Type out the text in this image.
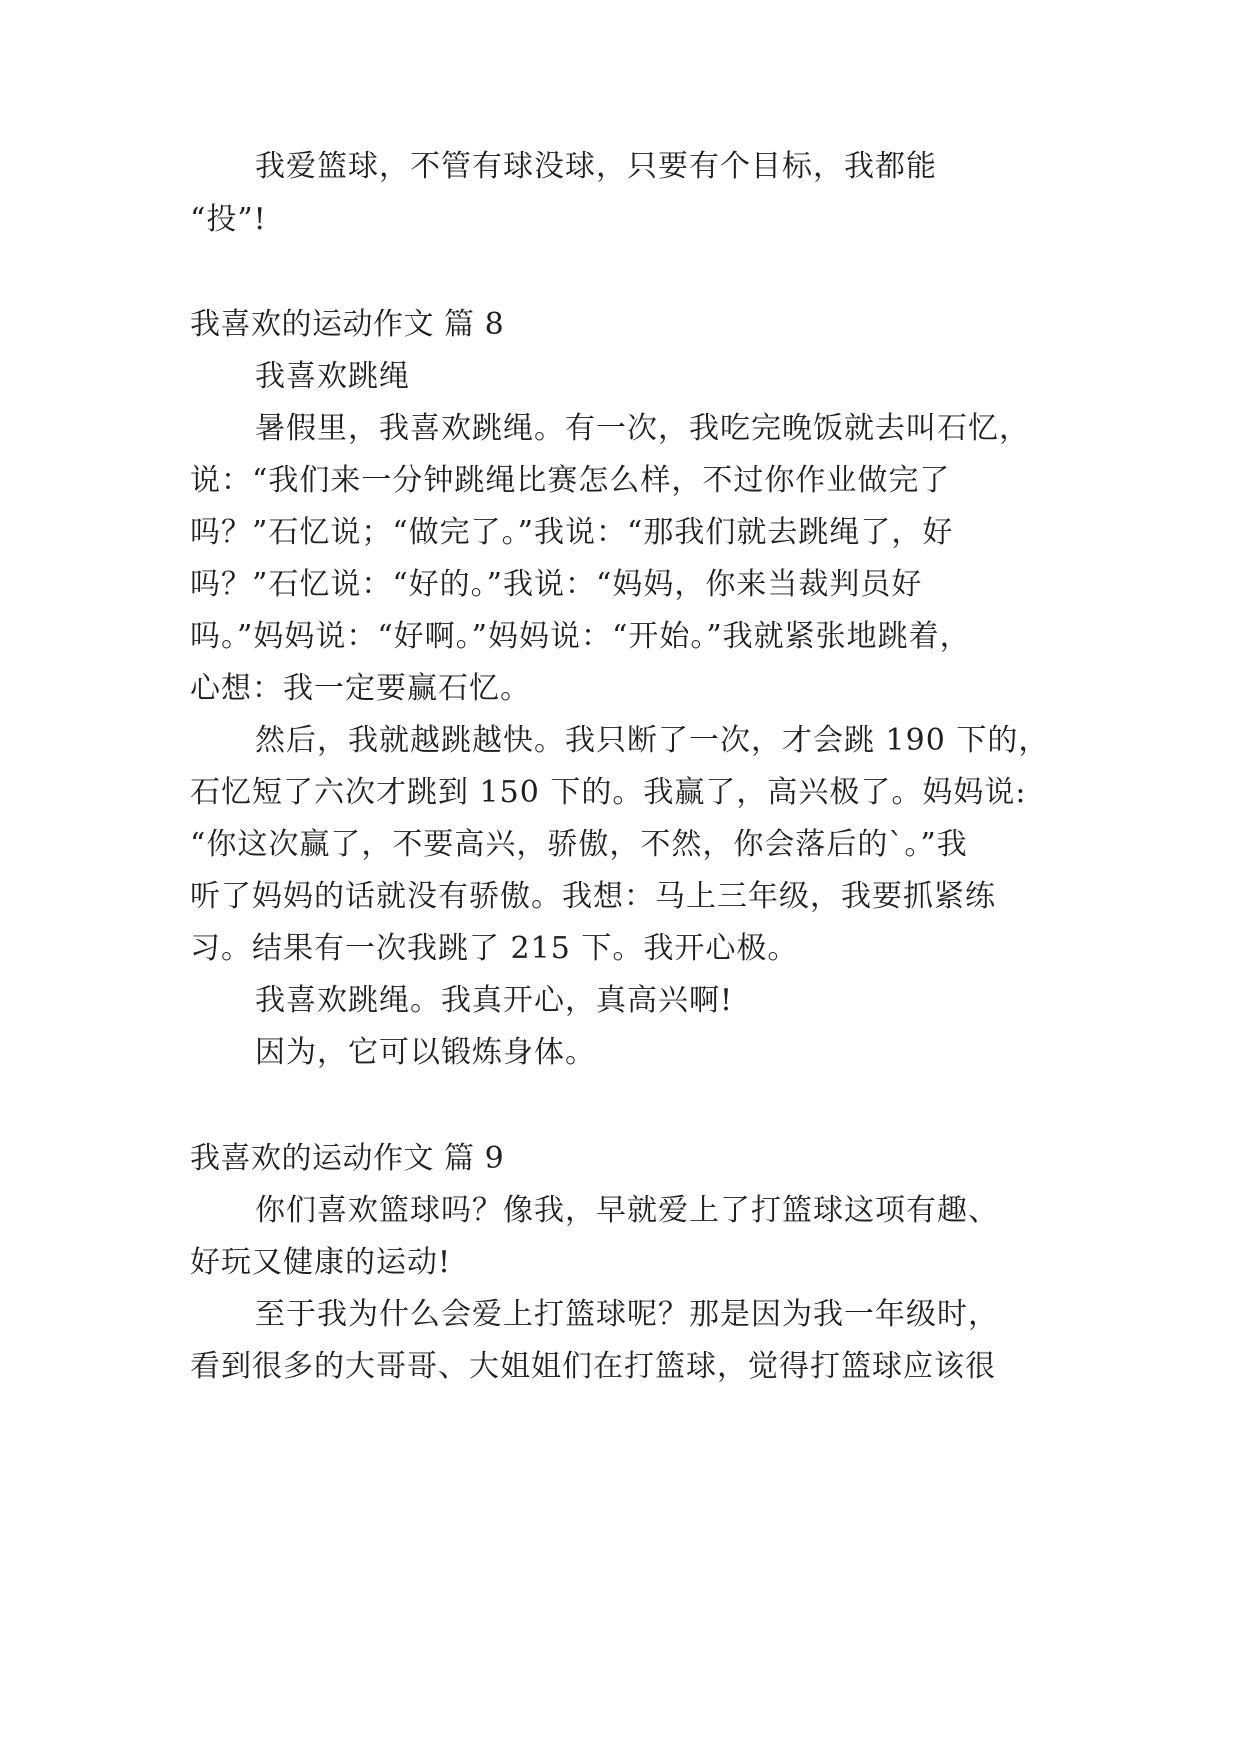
我爱篮球，不管有球没球，只要有个目标，我都能
“投”!
我喜欢的运动作文 篇 8
我喜欢跳绳
暑假里，我喜欢跳绳。有一次，我吃完晚饭就去叫石忆，
说：“我们来一分钟跳绳比赛怎么样，不过你作业做完了
吗？”石忆说；“做完了。”我说：“那我们就去跳绳了，好
吗？”石忆说：“好的。”我说：“妈妈，你来当裁判员好
吗。”妈妈说：“好啊。”妈妈说：“开始。”我就紧张地跳着，
心想：我一定要赢石忆。
然后，我就越跳越快。我只断了一次，才会跳 190 下的，
石忆短了六次才跳到 150 下的。我赢了，高兴极了。妈妈说:
“你这次赢了，不要高兴，骄傲，不然，你会落后的`。”我
听了妈妈的话就没有骄傲。我想：马上三年级，我要抓紧练
习。结果有一次我跳了 215 下。我开心极。
我喜欢跳绳。我真开心，真高兴啊!
因为，它可以锻炼身体。
我喜欢的运动作文 篇 9
你们喜欢篮球吗？像我，早就爱上了打篮球这项有趣、
好玩又健康的运动!
至于我为什么会爱上打篮球呢？那是因为我一年级时，
看到很多的大哥哥、大姐姐们在打篮球，觉得打篮球应该很
